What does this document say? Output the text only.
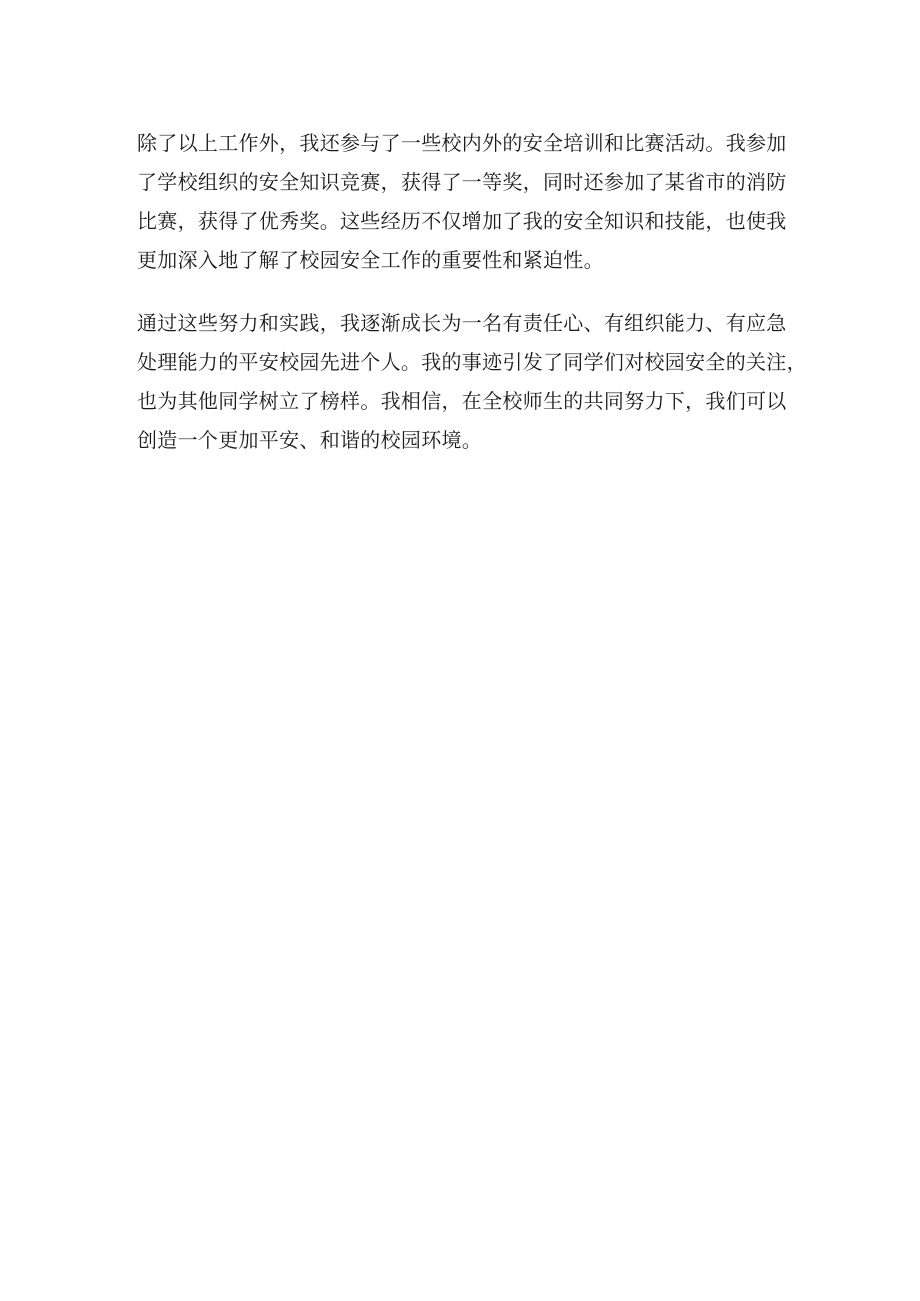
除了以上工作外，我还参与了一些校内外的安全培训和比赛活动。我参加
了学校组织的安全知识竞赛，获得了一等奖，同时还参加了某省市的消防
比赛，获得了优秀奖。这些经历不仅增加了我的安全知识和技能，也使我
更加深入地了解了校园安全工作的重要性和紧迫性。

通过这些努力和实践，我逐渐成长为一名有责任心、有组织能力、有应急
处理能力的平安校园先进个人。我的事迹引发了同学们对校园安全的关注，
也为其他同学树立了榜样。我相信，在全校师生的共同努力下，我们可以
创造一个更加平安、和谐的校园环境。
